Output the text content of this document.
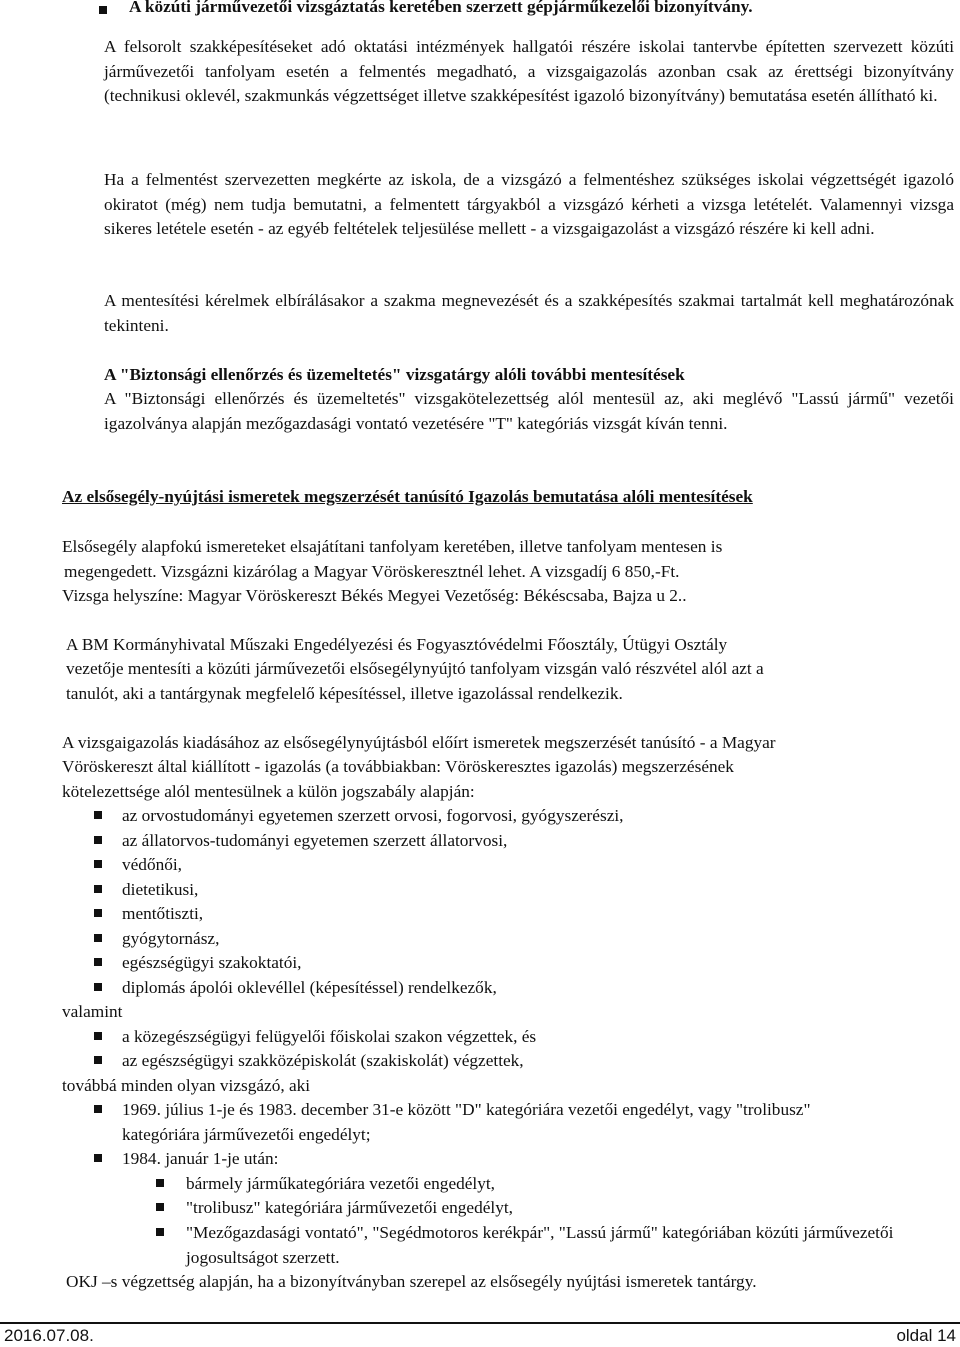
A közúti járművezetői vizsgáztatás keretében szerzett gépjárműkezelői bizonyítvány.

A felsorolt szakképesítéseket adó oktatási intézmények hallgatói részére iskolai tantervbe építetten szervezett közúti járművezetői tanfolyam esetén a felmentés megadható, a vizsgaigazolás azonban csak az érettségi bizonyítvány (technikusi oklevél, szakmunkás végzettséget illetve szakképesítést igazoló bizonyítvány) bemutatása esetén állítható ki.

Ha a felmentést szervezetten megkérte az iskola, de a vizsgázó a felmentéshez szükséges iskolai végzettségét igazoló okiratot (még) nem tudja bemutatni, a felmentett tárgyakból a vizsgázó kérheti a vizsga letételét. Valamennyi vizsga sikeres letétele esetén - az egyéb feltételek teljesülése mellett - a vizsgaigazolást a vizsgázó részére ki kell adni.

A mentesítési kérelmek elbírálásakor a szakma megnevezését és a szakképesítés szakmai tartalmát kell meghatározónak tekinteni.

A "Biztonsági ellenőrzés és üzemeltetés" vizsgatárgy alóli további mentesítések

A "Biztonsági ellenőrzés és üzemeltetés" vizsgakötelezettség alól mentesül az, aki meglévő "Lassú jármű" vezetői igazolványa alapján mezőgazdasági vontató vezetésére "T" kategóriás vizsgát kíván tenni.

Az elsősegély-nyújtási ismeretek megszerzését tanúsító Igazolás bemutatása alóli mentesítések
Elsősegély alapfokú ismereteket elsajátítani tanfolyam keretében, illetve tanfolyam mentesen is
megengedett. Vizsgázni kizárólag a Magyar Vöröskeresztnél lehet. A vizsgadíj 6 850,-Ft.
Vizsga helyszíne: Magyar Vöröskereszt Békés Megyei Vezetőség: Békéscsaba, Bajza u 2..
A BM Kormányhivatal Műszaki Engedélyezési és Fogyasztóvédelmi Főosztály, Útügyi Osztály
vezetője mentesíti a közúti járművezetői elsősegélynyújtó tanfolyam vizsgán való részvétel alól azt a
tanulót, aki a tantárgynak megfelelő képesítéssel, illetve igazolással rendelkezik.
A vizsgaigazolás kiadásához az elsősegélynyújtásból előírt ismeretek megszerzését tanúsító - a Magyar
Vöröskereszt által kiállított - igazolás (a továbbiakban: Vöröskeresztes igazolás) megszerzésének
kötelezettsége alól mentesülnek a külön jogszabály alapján:
az orvostudományi egyetemen szerzett orvosi, fogorvosi, gyógyszerészi,
az állatorvos-tudományi egyetemen szerzett állatorvosi,
védőnői,
dietetikusi,
mentőtiszti,
gyógytornász,
egészségügyi szakoktatói,
diplomás ápolói oklevéllel (képesítéssel) rendelkezők,
valamint
a közegészségügyi felügyelői főiskolai szakon végzettek, és
az egészségügyi szakközépiskolát (szakiskolát) végzettek,
továbbá minden olyan vizsgázó, aki
1969. július 1-je és 1983. december 31-e között "D" kategóriára vezetői engedélyt, vagy "trolibusz" kategóriára járművezetői engedélyt;
1984. január 1-je után:
bármely járműkategóriára vezetői engedélyt,
"trolibusz" kategóriára járművezetői engedélyt,
"Mezőgazdasági vontató", "Segédmotoros kerékpár", "Lassú jármű" kategóriában közúti járművezetői jogosultságot szerzett.
OKJ –s végzettség alapján, ha a bizonyítványban szerepel az elsősegély nyújtási ismeretek tantárgy.
2016.07.08.	oldal 14
